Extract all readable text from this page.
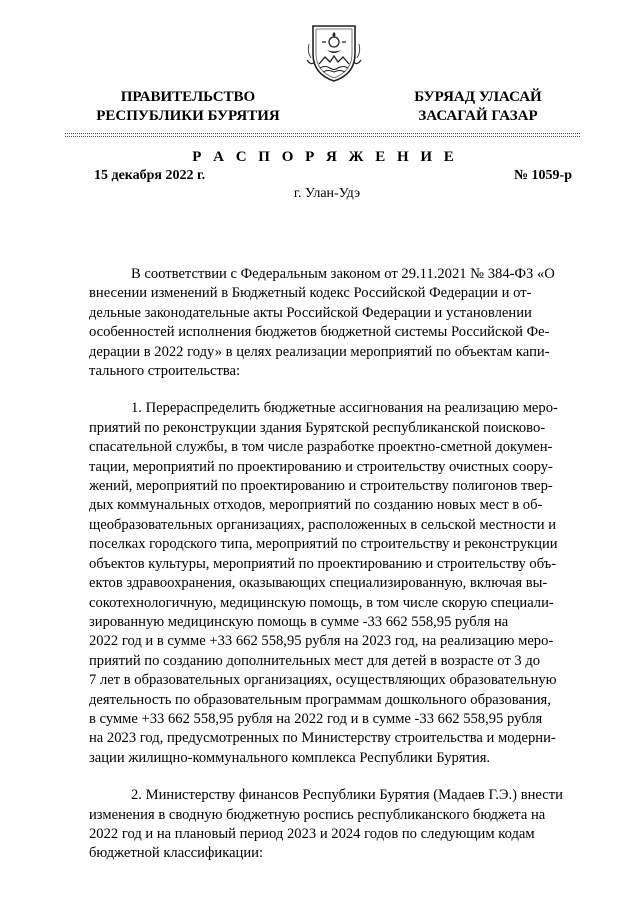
ПРАВИТЕЛЬСТВО
РЕСПУБЛИКИ БУРЯТИЯ
БУРЯАД УЛАСАЙ
ЗАСАГАЙ ГАЗАР
Р А С П О Р Я Ж Е Н И Е
15 декабря 2022 г.	№ 1059-р
г. Улан-Удэ

В соответствии с Федеральным законом от 29.11.2021 № 384-ФЗ «О
внесении изменений в Бюджетный кодекс Российской Федерации и от-
дельные законодательные акты Российской Федерации и установлении
особенностей исполнения бюджетов бюджетной системы Российской Фе-
дерации в 2022 году» в целях реализации мероприятий по объектам капи-
тального строительства:

1. Перераспределить бюджетные ассигнования на реализацию меро-
приятий по реконструкции здания Бурятской республиканской поисково-
спасательной службы, в том числе разработке проектно-сметной докумен-
тации, мероприятий по проектированию и строительству очистных соору-
жений, мероприятий по проектированию и строительству полигонов твер-
дых коммунальных отходов, мероприятий по созданию новых мест в об-
щеобразовательных организациях, расположенных в сельской местности и
поселках городского типа, мероприятий по строительству и реконструкции
объектов культуры, мероприятий по проектированию и строительству объ-
ектов здравоохранения, оказывающих специализированную, включая вы-
сокотехнологичную, медицинскую помощь, в том числе скорую специали-
зированную медицинскую помощь в сумме -33 662 558,95 рубля на
2022 год и в сумме +33 662 558,95 рубля на 2023 год, на реализацию меро-
приятий по созданию дополнительных мест для детей в возрасте от 3 до
7 лет в образовательных организациях, осуществляющих образовательную
деятельность по образовательным программам дошкольного образования,
в сумме +33 662 558,95 рубля на 2022 год и в сумме -33 662 558,95 рубля
на 2023 год, предусмотренных по Министерству строительства и модерни-
зации жилищно-коммунального комплекса Республики Бурятия.

2. Министерству финансов Республики Бурятия (Мадаев Г.Э.) внести
изменения в сводную бюджетную роспись республиканского бюджета на
2022 год и на плановый период 2023 и 2024 годов по следующим кодам
бюджетной классификации:
